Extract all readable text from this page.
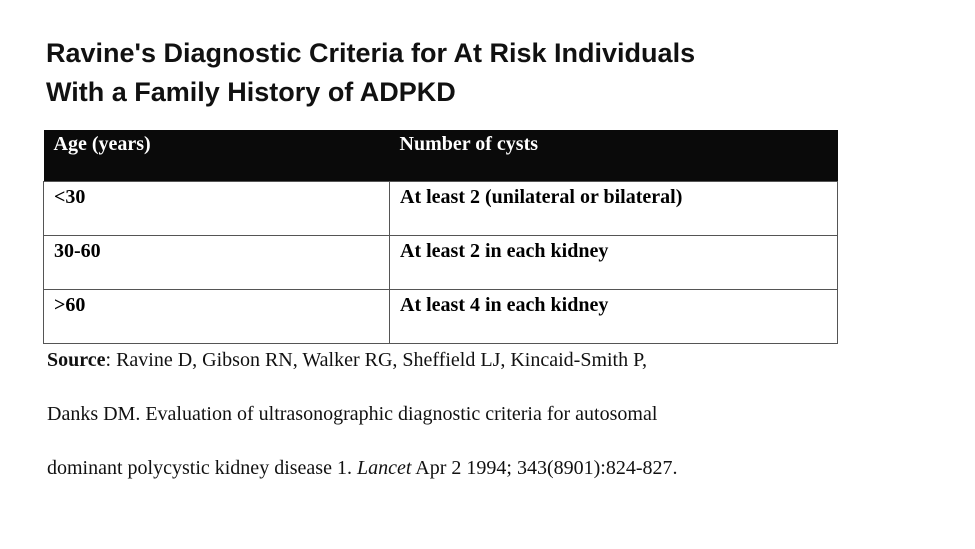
Ravine's Diagnostic Criteria for At Risk Individuals
With a Family History of ADPKD
Age (years)	Number of cysts
<30	At least 2 (unilateral or bilateral)
30-60	At least 2 in each kidney
>60	At least 4 in each kidney

Source: Ravine D, Gibson RN, Walker RG, Sheffield LJ, Kincaid-Smith P,

Danks DM. Evaluation of ultrasonographic diagnostic criteria for autosomal

dominant polycystic kidney disease 1. Lancet Apr 2 1994; 343(8901):824-827.
